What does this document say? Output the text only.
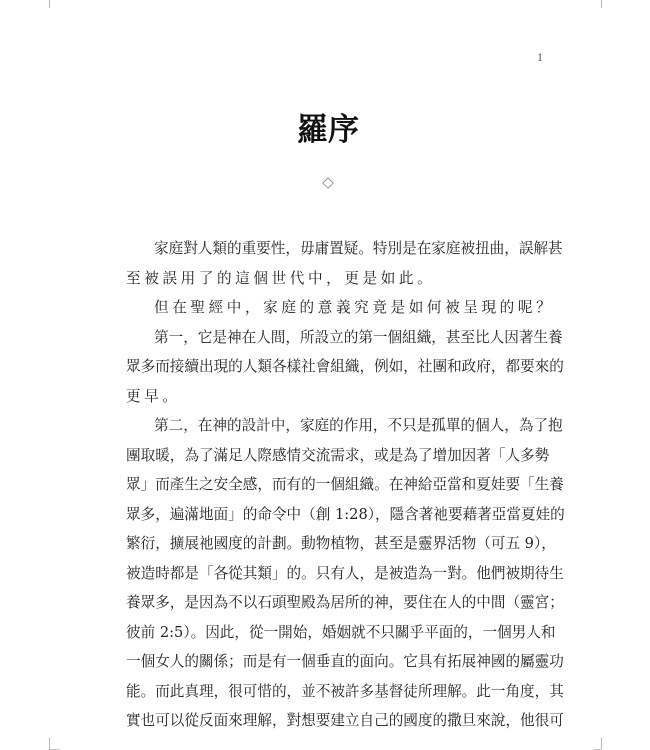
1
羅序
◇
家庭對人類的重要性，毋庸置疑。特別是在家庭被扭曲，誤解甚
至被誤用了的這個世代中，更是如此。
但在聖經中，家庭的意義究竟是如何被呈現的呢？
第一，它是神在人間，所設立的第一個組織，甚至比人因著生養
眾多而接續出現的人類各樣社會組織，例如，社團和政府，都要來的
更早。
第二，在神的設計中，家庭的作用，不只是孤單的個人，為了抱
團取暖，為了滿足人際感情交流需求，或是為了增加因著「人多勢
眾」而產生之安全感，而有的一個組織。在神給亞當和夏娃要「生養
眾多，遍滿地面」的命令中（創 1:28），隱含著祂要藉著亞當夏娃的
繁衍，擴展祂國度的計劃。動物植物，甚至是靈界活物（可五 9），
被造時都是「各從其類」的。只有人，是被造為一對。他們被期待生
養眾多，是因為不以石頭聖殿為居所的神，要住在人的中間（靈宮；
彼前 2:5）。因此，從一開始，婚姻就不只關乎平面的，一個男人和
一個女人的關係；而是有一個垂直的面向。它具有拓展神國的屬靈功
能。而此真理，很可惜的，並不被許多基督徒所理解。此一角度，其
實也可以從反面來理解，對想要建立自己的國度的撒旦來說，他很可
